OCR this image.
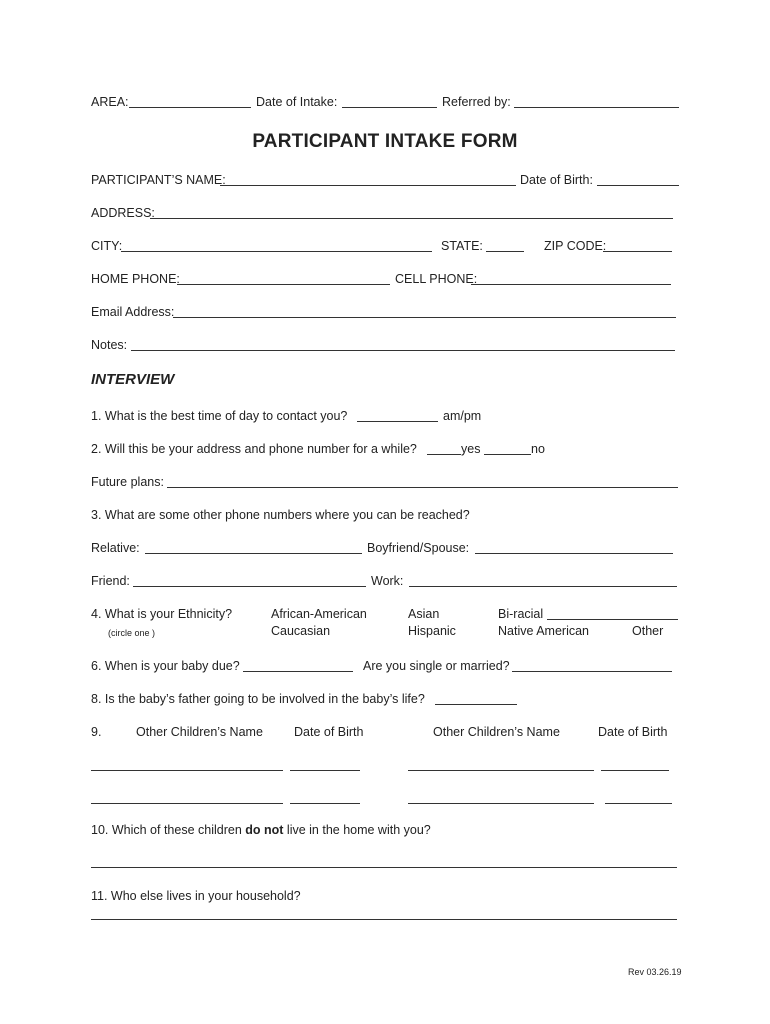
AREA:	Date of Intake:	Referred by:
PARTICIPANT INTAKE FORM
PARTICIPANT’S NAME:	Date of Birth:
ADDRESS:
CITY:	STATE:	ZIP CODE:
HOME PHONE:	CELL PHONE:
Email Address:
Notes:
INTERVIEW
1. What is the best time of day to contact you?	am/pm
2. Will this be your address and phone number for a while?	yes	no
Future plans:
3. What are some other phone numbers where you can be reached?
Relative:	Boyfriend/Spouse:
Friend:	Work:
4. What is your Ethnicity?
(circle one )
African-American	Asian	Bi-racial
Caucasian	Hispanic	Native American	Other
6. When is your baby due?	Are you single or married?
8. Is the baby’s father going to be involved in the baby’s life?
9.	Other Children’s Name Date of Birth	Other Children’s Name	Date of Birth
10. Which of these children do not live in the home with you?
11. Who else lives in your household?
Rev 03.26.19
